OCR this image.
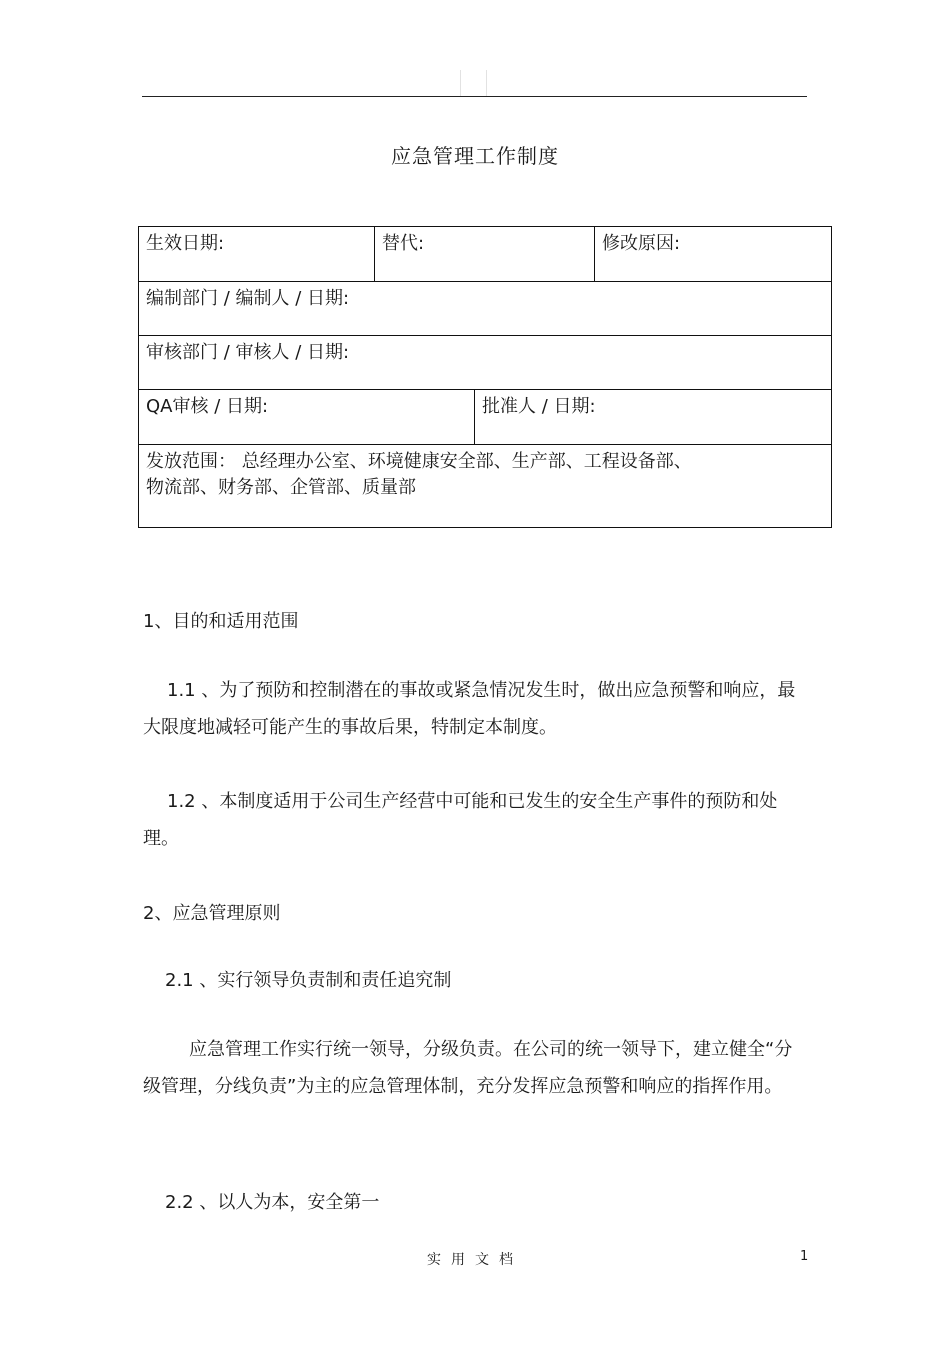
应急管理工作制度
生效日期:	替代:	修改原因:
编制部门 / 编制人 / 日期:
审核部门 / 审核人 / 日期:
QA审核 / 日期:	批准人 / 日期:
发放范围： 总经理办公室、环境健康安全部、生产部、工程设备部、
物流部、财务部、企管部、质量部

1、目的和适用范围

1.1 、为了预防和控制潜在的事故或紧急情况发生时，做出应急预警和响应，最大限度地减轻可能产生的事故后果，特制定本制度。

1.2 、本制度适用于公司生产经营中可能和已发生的安全生产事件的预防和处理。

2、应急管理原则

2.1 、实行领导负责制和责任追究制

应急管理工作实行统一领导，分级负责。在公司的统一领导下，建立健全“分级管理，分线负责”为主的应急管理体制，充分发挥应急预警和响应的指挥作用。

2.2 、以人为本，安全第一

实用文档	1
